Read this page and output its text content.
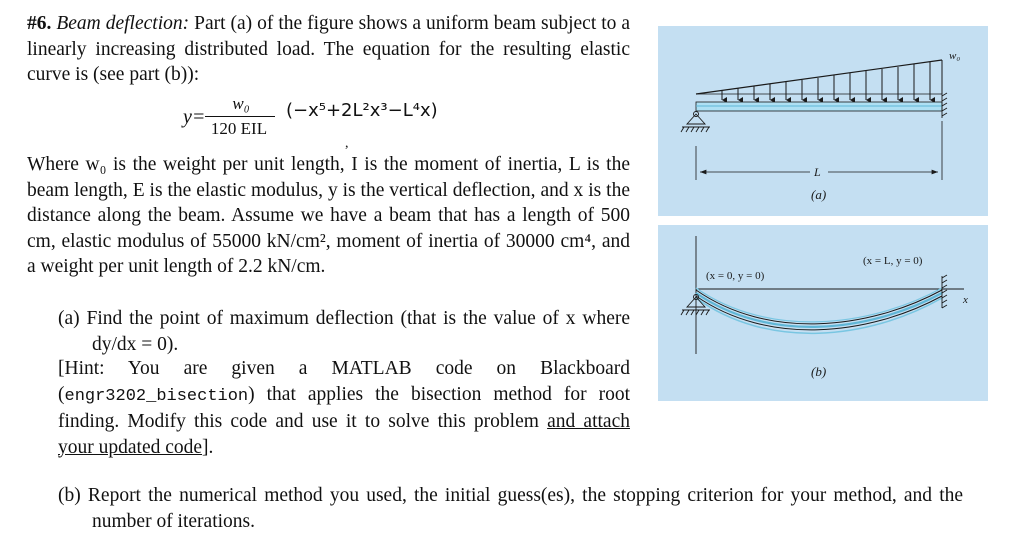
#6. Beam deflection: Part (a) of the figure shows a uniform beam subject to a linearly increasing distributed load. The equation for the resulting elastic curve is (see part (b)):
y=
w₀
120 EIL
(−x⁵+2L²x³−L⁴x)
,
Where w₀ is the weight per unit length, I is the moment of inertia, L is the beam length, E is the elastic modulus, y is the vertical deflection, and x is the distance along the beam. Assume we have a beam that has a length of 500 cm, elastic modulus of 55000 kN/cm², moment of inertia of 30000 cm⁴, and a weight per unit length of 2.2 kN/cm.
(a) Find the point of maximum deflection (that is the value of x where dy/dx = 0).
[Hint: You are given a MATLAB code on Blackboard (engr3202_bisection) that applies the bisection method for root finding. Modify this code and use it to solve this problem and attach your updated code].
(b) Report the numerical method you used, the initial guess(es), the stopping criterion for your method, and the number of iterations.
w₀
L
(a)
(x = 0, y = 0)
(x = L, y = 0)
x
(b)
